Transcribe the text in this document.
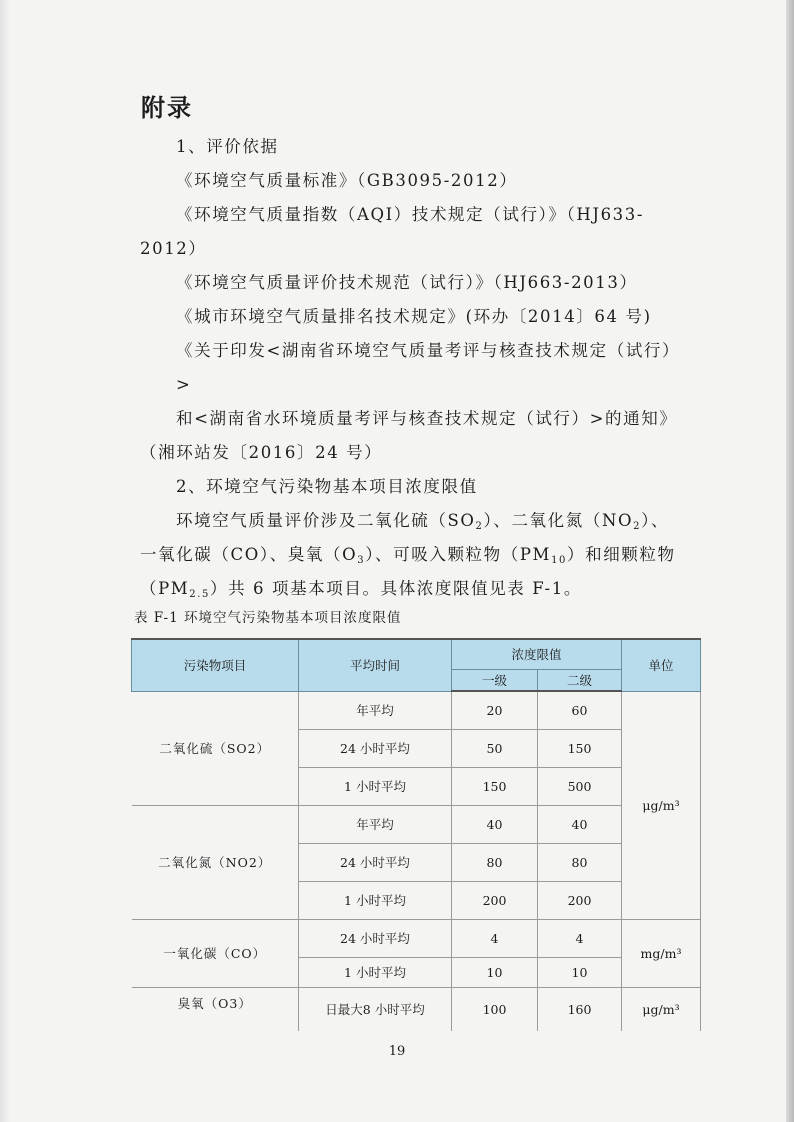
附录
1、评价依据
《环境空气质量标准》（GB3095-2012）
《环境空气质量指数（AQI）技术规定（试行）》（HJ633-
2012）
《环境空气质量评价技术规范（试行）》（HJ663-2013）
《城市环境空气质量排名技术规定》(环办〔2014〕64 号)
《关于印发<湖南省环境空气质量考评与核查技术规定（试行）>
和<湖南省水环境质量考评与核查技术规定（试行）>的通知》
（湘环站发〔2016〕24 号）
2、环境空气污染物基本项目浓度限值
环境空气质量评价涉及二氧化硫$(SO_2)$、二氧化氮$(NO_2)$、
一氧化碳（CO）、臭氧$(O_3)$、可吸入颗粒物$(PM_{10})$和细颗粒物
$(PM_{2.5})$共 6 项基本项目。具体浓度限值见表 F-1。

表 F-1 环境空气污染物基本项目浓度限值

污染物项目	平均时间	浓度限值		单位
		一级	二级	
二氧化硫（SO2）	年平均	20	60	μg/m³
	24 小时平均	50	150	
	1 小时平均	150	500	
二氧化氮（NO2）	年平均	40	40	
	24 小时平均	80	80	
	1 小时平均	200	200	
一氧化碳（CO）	24 小时平均	4	4	mg/m³
	1 小时平均	10	10	
臭氧（O3）	日最大8 小时平均	100	160	μg/m³

19
